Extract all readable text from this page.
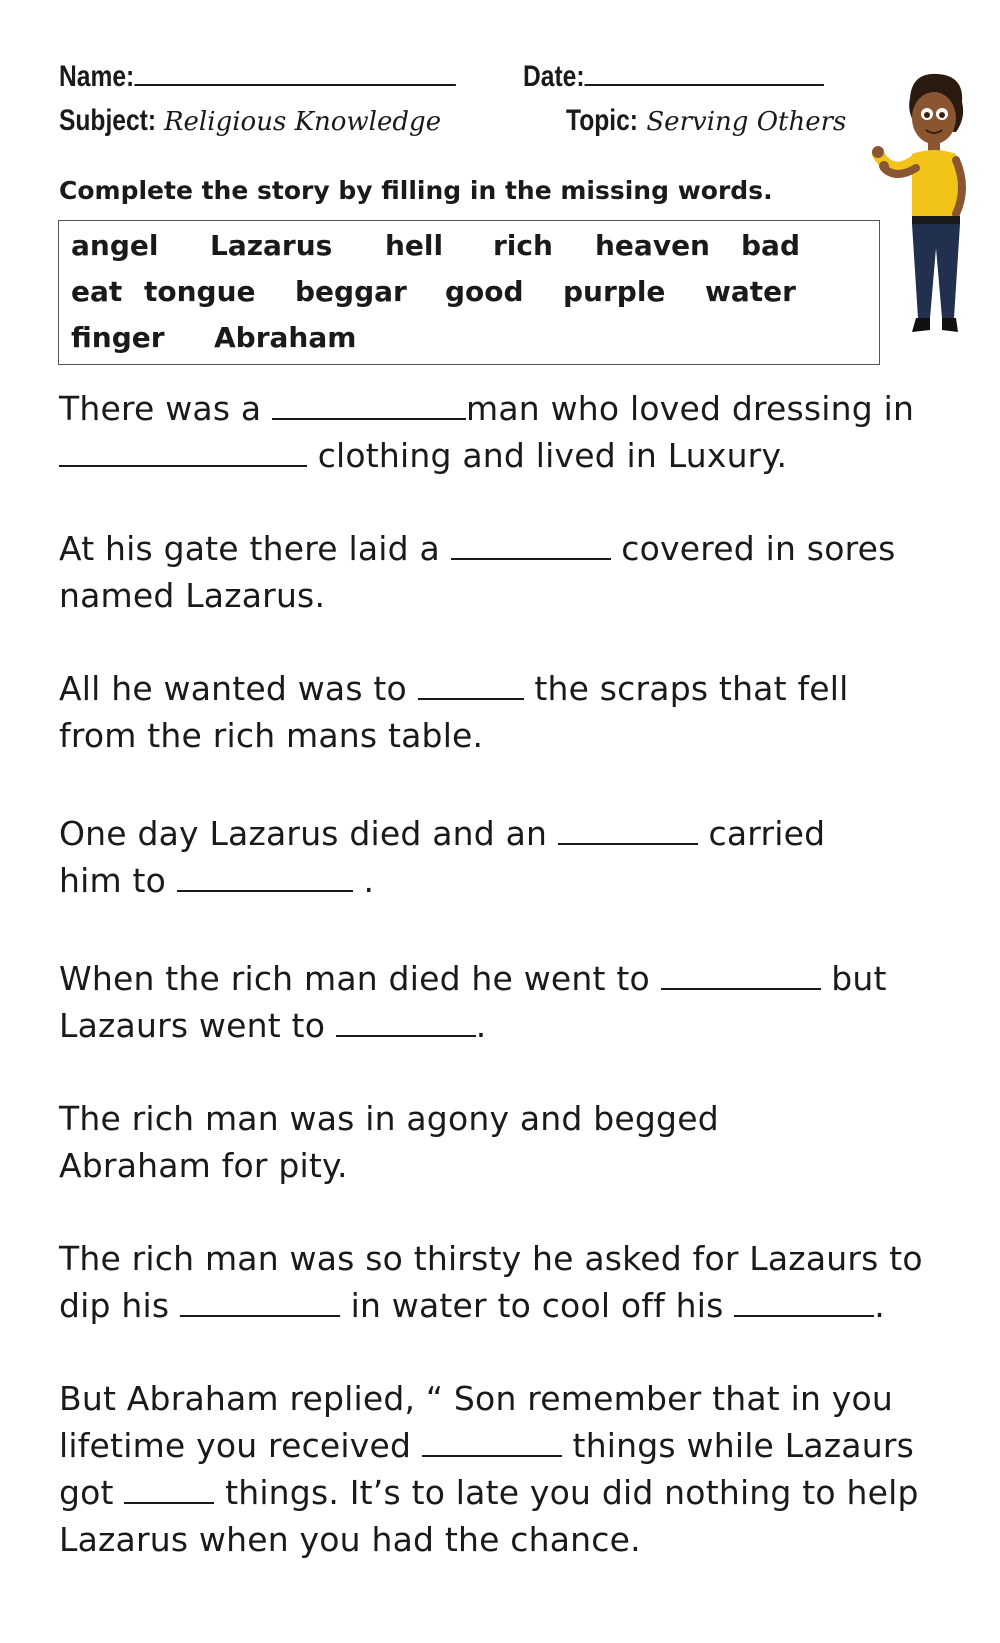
Name:	Date:
Subject: Religious Knowledge	Topic: Serving Others
Complete the story by filling in the missing words.
angel Lazarus hell rich heaven bad
eat tongue beggar good purple water
finger Abraham
There was a	man who loved dressing in
clothing and lived in Luxury.
At his gate there laid a	covered in sores
named Lazarus.
All he wanted was to	the scraps that fell
from the rich mans table.
One day Lazarus died and an	carried
him to	.
When the rich man died he went to	but
Lazaurs went to	.
The rich man was in agony and begged
Abraham for pity.
The rich man was so thirsty he asked for Lazaurs to
dip his	in water to cool off his	.
But Abraham replied, “ Son remember that in you
lifetime you received	things while Lazaurs
got	things. It’s to late you did nothing to help
Lazarus when you had the chance.
